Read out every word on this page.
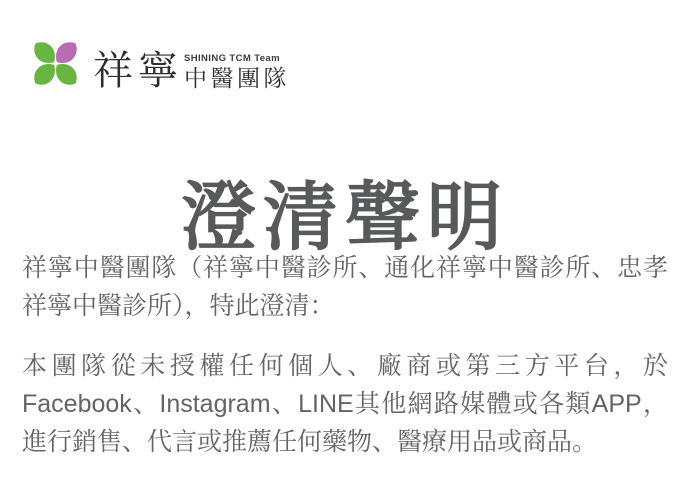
祥寧 SHINING TCM Team
中醫團隊
澄清聲明

祥寧中醫團隊（祥寧中醫診所、通化祥寧中醫診所、忠孝祥寧中醫診所），特此澄清：

本團隊從未授權任何個人、廠商或第三方平台，於Facebook、Instagram、LINE其他網路媒體或各類APP，進行銷售、代言或推薦任何藥物、醫療用品或商品。
